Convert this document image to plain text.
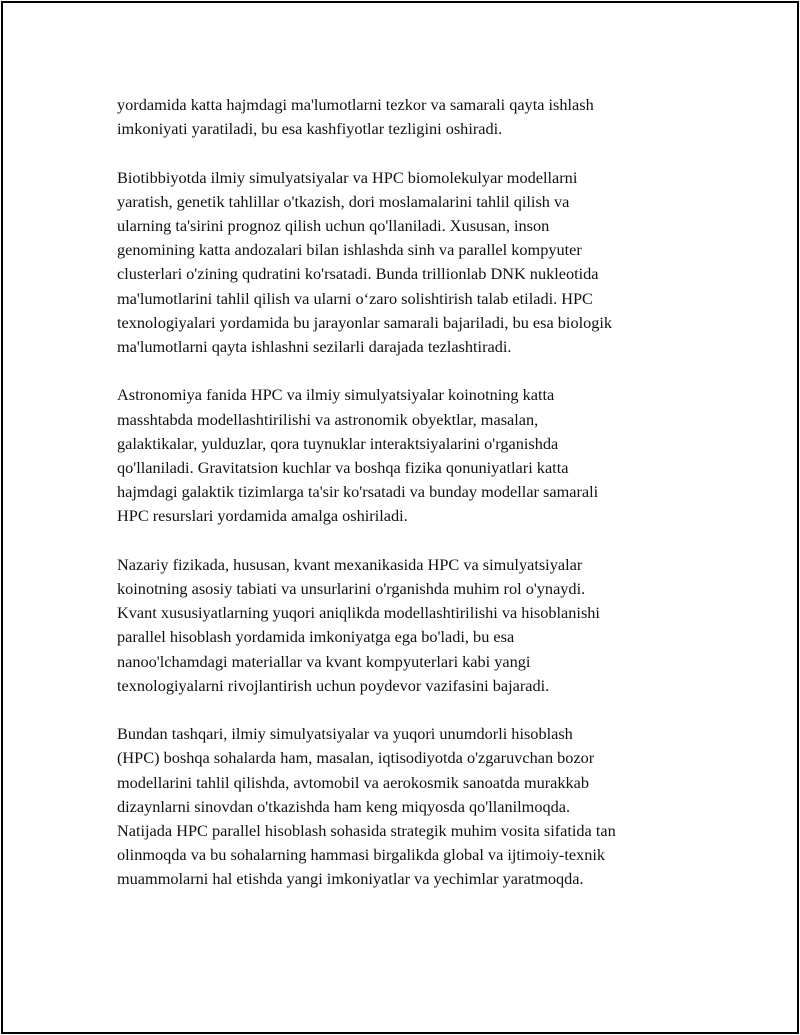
yordamida katta hajmdagi ma'lumotlarni tezkor va samarali qayta ishlash
imkoniyati yaratiladi, bu esa kashfiyotlar tezligini oshiradi.

Biotibbiyotda ilmiy simulyatsiyalar va HPC biomolekulyar modellarni
yaratish, genetik tahlillar o'tkazish, dori moslamalarini tahlil qilish va
ularning ta'sirini prognoz qilish uchun qo'llaniladi. Xususan, inson
genomining katta andozalari bilan ishlashda sinh va parallel kompyuter
clusterlari o'zining qudratini ko'rsatadi. Bunda trillionlab DNK nukleotida
ma'lumotlarini tahlil qilish va ularni o‘zaro solishtirish talab etiladi. HPC
texnologiyalari yordamida bu jarayonlar samarali bajariladi, bu esa biologik
ma'lumotlarni qayta ishlashni sezilarli darajada tezlashtiradi.

Astronomiya fanida HPC va ilmiy simulyatsiyalar koinotning katta
masshtabda modellashtirilishi va astronomik obyektlar, masalan,
galaktikalar, yulduzlar, qora tuynuklar interaktsiyalarini o'rganishda
qo'llaniladi. Gravitatsion kuchlar va boshqa fizika qonuniyatlari katta
hajmdagi galaktik tizimlarga ta'sir ko'rsatadi va bunday modellar samarali
HPC resurslari yordamida amalga oshiriladi.

Nazariy fizikada, hususan, kvant mexanikasida HPC va simulyatsiyalar
koinotning asosiy tabiati va unsurlarini o'rganishda muhim rol o'ynaydi.
Kvant xususiyatlarning yuqori aniqlikda modellashtirilishi va hisoblanishi
parallel hisoblash yordamida imkoniyatga ega bo'ladi, bu esa
nanoo'lchamdagi materiallar va kvant kompyuterlari kabi yangi
texnologiyalarni rivojlantirish uchun poydevor vazifasini bajaradi.

Bundan tashqari, ilmiy simulyatsiyalar va yuqori unumdorli hisoblash
(HPC) boshqa sohalarda ham, masalan, iqtisodiyotda o'zgaruvchan bozor
modellarini tahlil qilishda, avtomobil va aerokosmik sanoatda murakkab
dizaynlarni sinovdan o'tkazishda ham keng miqyosda qo'llanilmoqda.
Natijada HPC parallel hisoblash sohasida strategik muhim vosita sifatida tan
olinmoqda va bu sohalarning hammasi birgalikda global va ijtimoiy-texnik
muammolarni hal etishda yangi imkoniyatlar va yechimlar yaratmoqda.
